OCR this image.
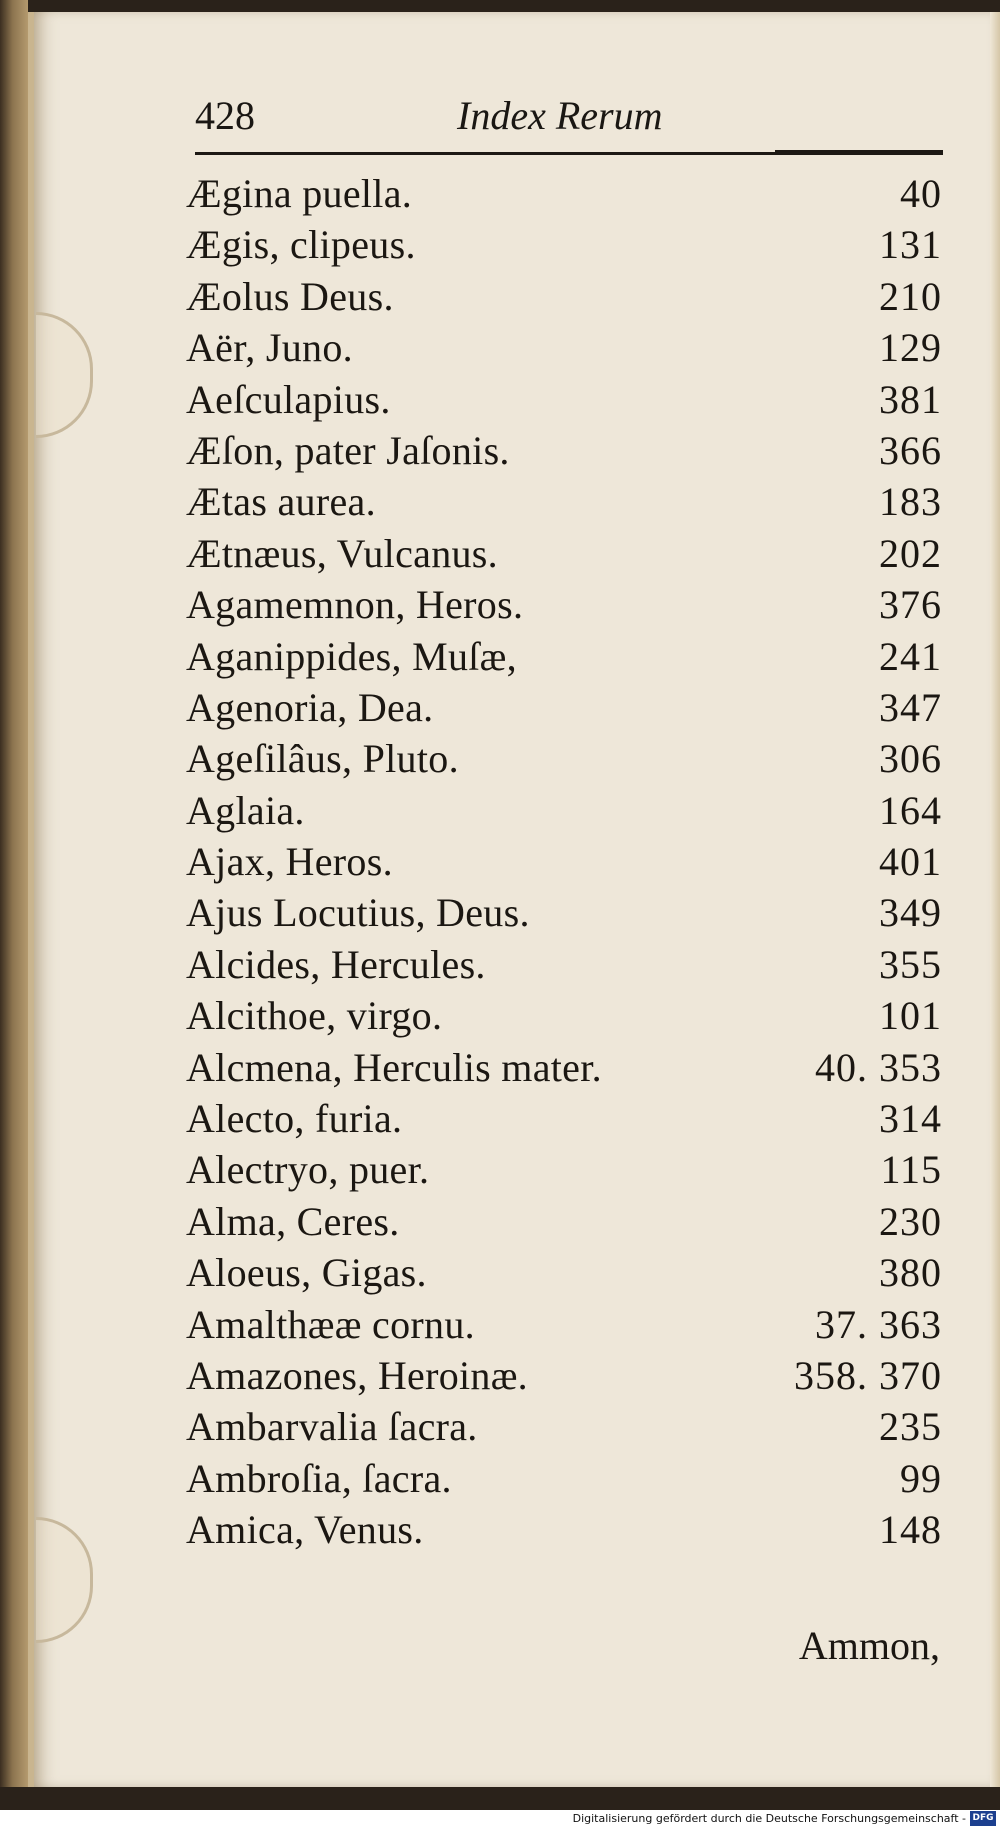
428	Index Rerum
Ægina puella.	40
Ægis, clipeus.	131
Æolus Deus.	210
Aër, Juno.	129
Aeſculapius.	381
Æſon, pater Jaſonis.	366
Ætas aurea.	183
Ætnæus, Vulcanus.	202
Agamemnon, Heros.	376
Aganippides, Muſæ,	241
Agenoria, Dea.	347
Ageſilâus, Pluto.	306
Aglaia.	164
Ajax, Heros.	401
Ajus Locutius, Deus.	349
Alcides, Hercules.	355
Alcithoe, virgo.	101
Alcmena, Herculis mater.	40. 353
Alecto, furia.	314
Alectryo, puer.	115
Alma, Ceres.	230
Aloeus, Gigas.	380
Amalthææ cornu.	37. 363
Amazones, Heroinæ.	358. 370
Ambarvalia ſacra.	235
Ambroſia, ſacra.	99
Amica, Venus.	148
Ammon,
Digitalisierung gefördert durch die Deutsche Forschungsgemeinschaft - DFG
